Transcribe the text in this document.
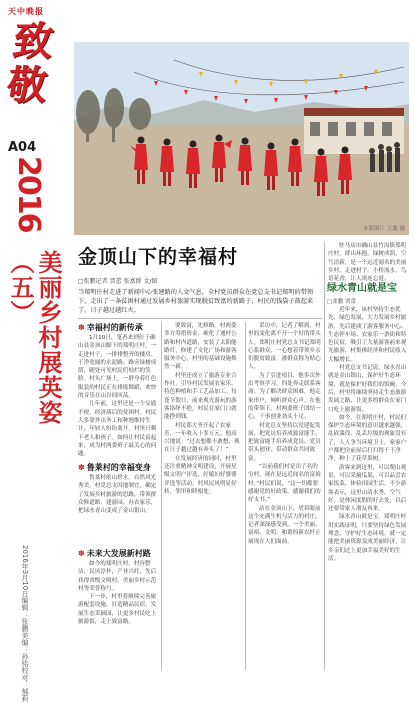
天中晚报
致敬
A04
2016
美丽乡村展英姿（五）
2016年3月10日
编辑：张鹏
美编：孙铭
校对：郝莉
本版图片 王鑫 摄
金顶山下的幸福村
□张鹏记者 贾蕾 张富群 文/图
当郑明庄村走进了新闻中心张建路的人文气息，全村党员群众在党总支书记郑明的带领下，走出了一条贫困村通过发展乡村旅游实现脱贫致富的新路子，村民的钱袋子鼓起来了，日子越过越红火。
✽ 幸福村的新传承

1月10日，笔者来到位于确山县金顶山脚下的郑明庄村。一走进村子，一排排整齐的楼房、干净宽阔的水泥路、路旁绿树成荫，随处可见村民们灿烂的笑脸。村头广场上，一群身着红色服装的村民正在排练舞蹈，欢快的音乐在山谷间回荡。

几年前，这里还是一个交通不便、经济落后的贫困村。村民大多靠外出务工和种地维持生计，年轻人纷纷离开，村里只剩下老人和孩子。如何让村民富起来，成为村两委班子最关心的问题。

✽ 鲁莱村的幸福变身

鲁莱村依山傍水，自然风光秀美。村党总支因地制宜，确定了发展乡村旅游的思路，带领群众修道路、建游园、办农家乐，把绿水青山变成了金山银山。

✽ 未来大发展新村路

如今的郑明庄村，村容整洁，民风淳朴，产业兴旺，先后获得省级文明村、美丽乡村示范村等荣誉称号。

下一步，村里将继续完善旅游配套设施，打造精品民宿，发展生态采摘园，让更多村民吃上旅游饭，走上致富路。

要致富，先修路。村两委多方筹措资金，硬化了通村公路和村内道路，安装了太阳能路灯，修建了文化广场和游客服务中心，村里的基础设施焕然一新。

村里还成立了旅游专业合作社，引导村民发展农家乐、特色种植和手工艺品加工。每逢节假日，前来观光游玩的游客络绎不绝，村民在家门口就能挣到钱。

村民郑大爷开起了农家乐，一年收入十多万元。他高兴地说：“过去想都不敢想，现在日子越过越有奔头了！”

在发展经济的同时，村里还注重精神文明建设，开展星级文明户评选、好媳妇好婆婆评选等活动，村风民风明显好转，邻里和睦相处。

采访中，记者了解到，村里的变化离不开一个好的带头人。郑明庄村党总支书记郑明心系群众，一心想着带领乡亲们脱贫致富，被群众称为贴心人。

为了引进项目，他多次外出考察学习，四处奔走联系客商；为了解决群众困难，他走家串户，倾听群众心声。在他的带领下，村两委班子团结一心，干事创业劲头十足。

村党总支坚持以党建促发展，把党员培养成致富能手，把致富能手培养成党员，党员带头创业，带动群众共同致富。

“以前我们村是出了名的穷村，现在是远近闻名的富裕村。”村民们说，“这一切都要感谢党的好政策，感谢我们的好支书。”

站在金顶山下，望着眼前这个充满生机与活力的村庄，记者深深感受到，一个美丽、富裕、文明、和谐的新农村正展现在人们面前。

驻马店市确山县竹沟镇郑明庄村，群山环抱，绿树成荫，空气清新，是一个远近闻名的美丽乡村。走进村子，小桥流水，鸟语花香，让人流连忘返。

绿水青山就是宝
□张鹏 贾蕾

近年来，该村坚持生态优先、绿色发展，大力发展乡村旅游，先后建成了游客服务中心、生态停车场、农家乐一条街和特色民宿，吸引了大量游客前来观光旅游，村集体经济和村民收入大幅增长。

村党总支书记说，绿水青山就是金山银山，保护好生态环境，就是保护好我们的饭碗。今后，村里将继续坚持走生态旅游发展之路，让更多的群众在家门口吃上旅游饭。

如今，在郑明庄村，村民们保护生态环境的意识越来越强，乱砍滥伐、乱丢垃圾的现象没有了，人人争当环境卫士，家家户户都把房前屋后打扫得干干净净，种上了花草果树。

游客来到这里，可以爬山观景，可以采摘瓜果，可以品尝农家饭菜，体验田园生活。不少游客表示，这里山清水秀，空气好，是休闲度假的好去处，以后还要带家人朋友再来。

绿水青山就是宝。郑明庄村用实践证明，只要坚持绿色发展理念，守护好生态环境，就一定能把美丽资源变成美丽经济，让乡亲们过上更加幸福美好的生活。
